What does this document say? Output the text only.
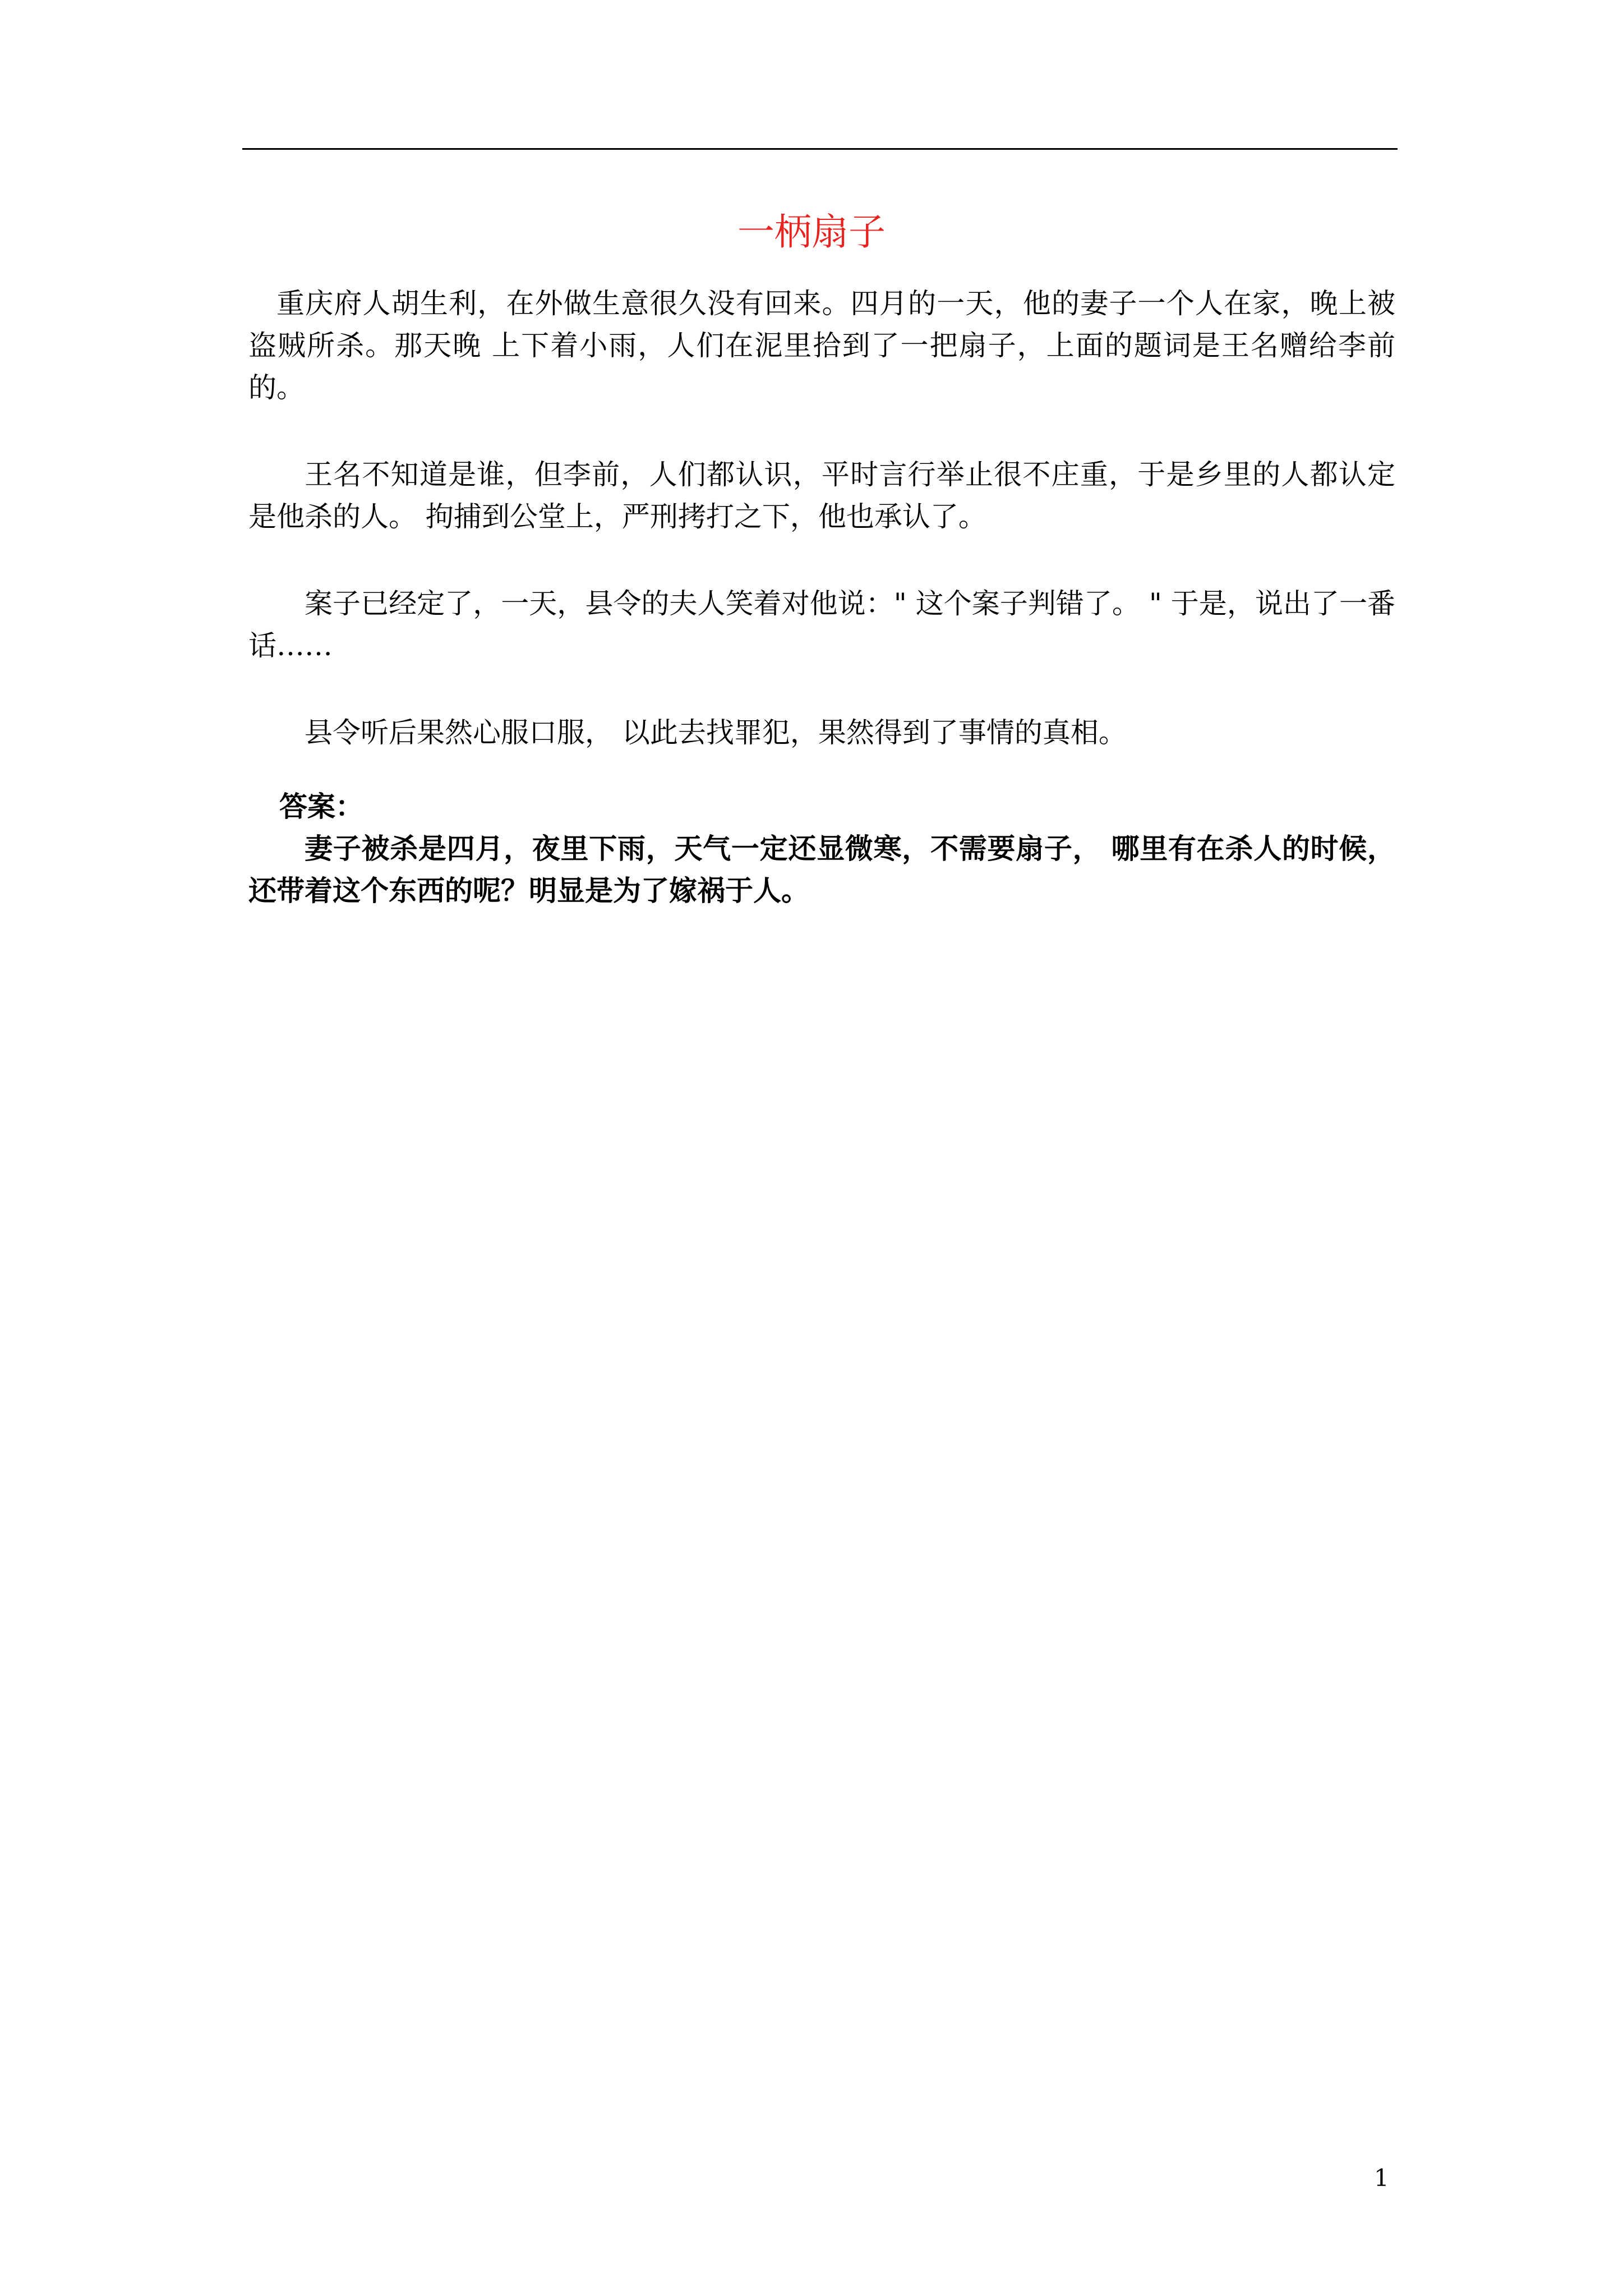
一柄扇子

重庆府人胡生利，在外做生意很久没有回来。四月的一天，他的妻子一个人在家，晚上被盗贼所杀。那天晚 上下着小雨，人们在泥里拾到了一把扇子，上面的题词是王名赠给李前的。

王名不知道是谁，但李前，人们都认识，平时言行举止很不庄重，于是乡里的人都认定是他杀的人。 拘捕到公堂上，严刑拷打之下，他也承认了。

案子已经定了，一天，县令的夫人笑着对他说：" 这个案子判错了。 " 于是，说出了一番话……

县令听后果然心服口服， 以此去找罪犯，果然得到了事情的真相。

答案：

妻子被杀是四月，夜里下雨，天气一定还显微寒，不需要扇子， 哪里有在杀人的时候，还带着这个东西的呢？明显是为了嫁祸于人。

1
